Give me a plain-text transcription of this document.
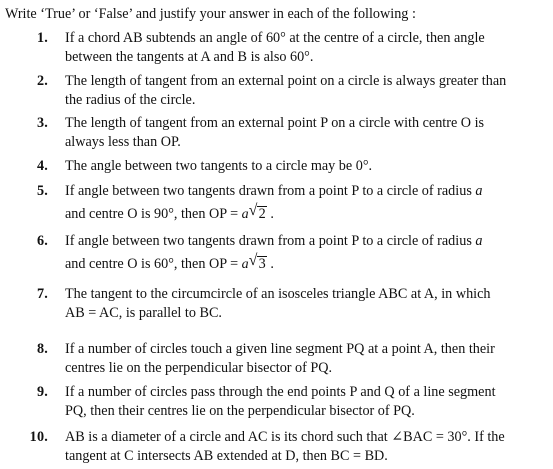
Write ‘True’ or ‘False’ and justify your answer in each of the following :
1. If a chord AB subtends an angle of 60° at the centre of a circle, then angle
between the tangents at A and B is also 60°.
2. The length of tangent from an external point on a circle is always greater than
the radius of the circle.
3. The length of tangent from an external point P on a circle with centre O is
always less than OP.
4. The angle between two tangents to a circle may be 0°.
5. If angle between two tangents drawn from a point P to a circle of radius a
and centre O is 90°, then OP = a √ 2 .
6. If angle between two tangents drawn from a point P to a circle of radius a
and centre O is 60°, then OP = a √ 3 .
7. The tangent to the circumcircle of an isosceles triangle ABC at A, in which
AB = AC, is parallel to BC.
8. If a number of circles touch a given line segment PQ at a point A, then their
centres lie on the perpendicular bisector of PQ.
9. If a number of circles pass through the end points P and Q of a line segment
PQ, then their centres lie on the perpendicular bisector of PQ.
10. AB is a diameter of a circle and AC is its chord such that ∠BAC = 30°. If the
tangent at C intersects AB extended at D, then BC = BD.
